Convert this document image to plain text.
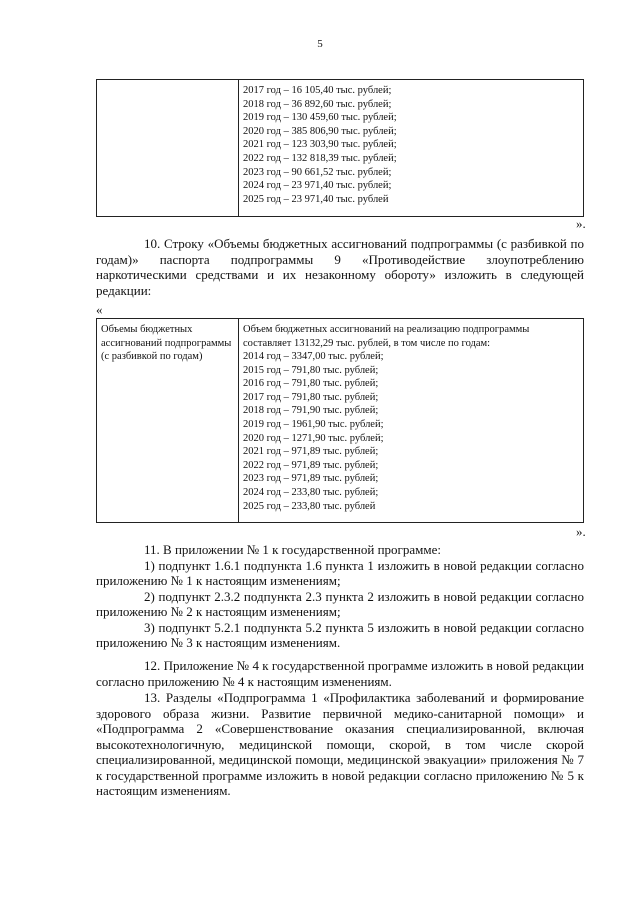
5
2017 год – 16 105,40 тыс. рублей;
2018 год – 36 892,60 тыс. рублей;
2019 год – 130 459,60 тыс. рублей;
2020 год – 385 806,90 тыс. рублей;
2021 год – 123 303,90 тыс. рублей;
2022 год – 132 818,39 тыс. рублей;
2023 год – 90 661,52 тыс. рублей;
2024 год – 23 971,40 тыс. рублей;
2025 год – 23 971,40 тыс. рублей
».
10. Строку «Объемы бюджетных ассигнований подпрограммы (с разбивкой по годам)» паспорта подпрограммы 9 «Противодействие злоупотреблению наркотическими средствами и их незаконному обороту» изложить в следующей редакции:
«
Объемы бюджетных ассигнований подпрограммы (с разбивкой по годам)
Объем бюджетных ассигнований на реализацию подпрограммы составляет 13132,29 тыс. рублей, в том числе по годам:
2014 год – 3347,00 тыс. рублей;
2015 год – 791,80 тыс. рублей;
2016 год – 791,80 тыс. рублей;
2017 год – 791,80 тыс. рублей;
2018 год – 791,90 тыс. рублей;
2019 год – 1961,90 тыс. рублей;
2020 год – 1271,90 тыс. рублей;
2021 год – 971,89 тыс. рублей;
2022 год – 971,89 тыс. рублей;
2023 год – 971,89 тыс. рублей;
2024 год – 233,80 тыс. рублей;
2025 год – 233,80 тыс. рублей
».
11. В приложении № 1 к государственной программе:
1) подпункт 1.6.1 подпункта 1.6 пункта 1 изложить в новой редакции согласно приложению № 1 к настоящим изменениям;
2) подпункт 2.3.2 подпункта 2.3 пункта 2 изложить в новой редакции согласно приложению № 2 к настоящим изменениям;
3) подпункт 5.2.1 подпункта 5.2 пункта 5 изложить в новой редакции согласно приложению № 3 к настоящим изменениям.
12. Приложение № 4 к государственной программе изложить в новой редакции согласно приложению № 4 к настоящим изменениям.
13. Разделы «Подпрограмма 1 «Профилактика заболеваний и формирование здорового образа жизни. Развитие первичной медико-санитарной помощи» и «Подпрограмма 2 «Совершенствование оказания специализированной, включая высокотехнологичную, медицинской помощи, скорой, в том числе скорой специализированной, медицинской помощи, медицинской эвакуации» приложения № 7 к государственной программе изложить в новой редакции согласно приложению № 5 к настоящим изменениям.
